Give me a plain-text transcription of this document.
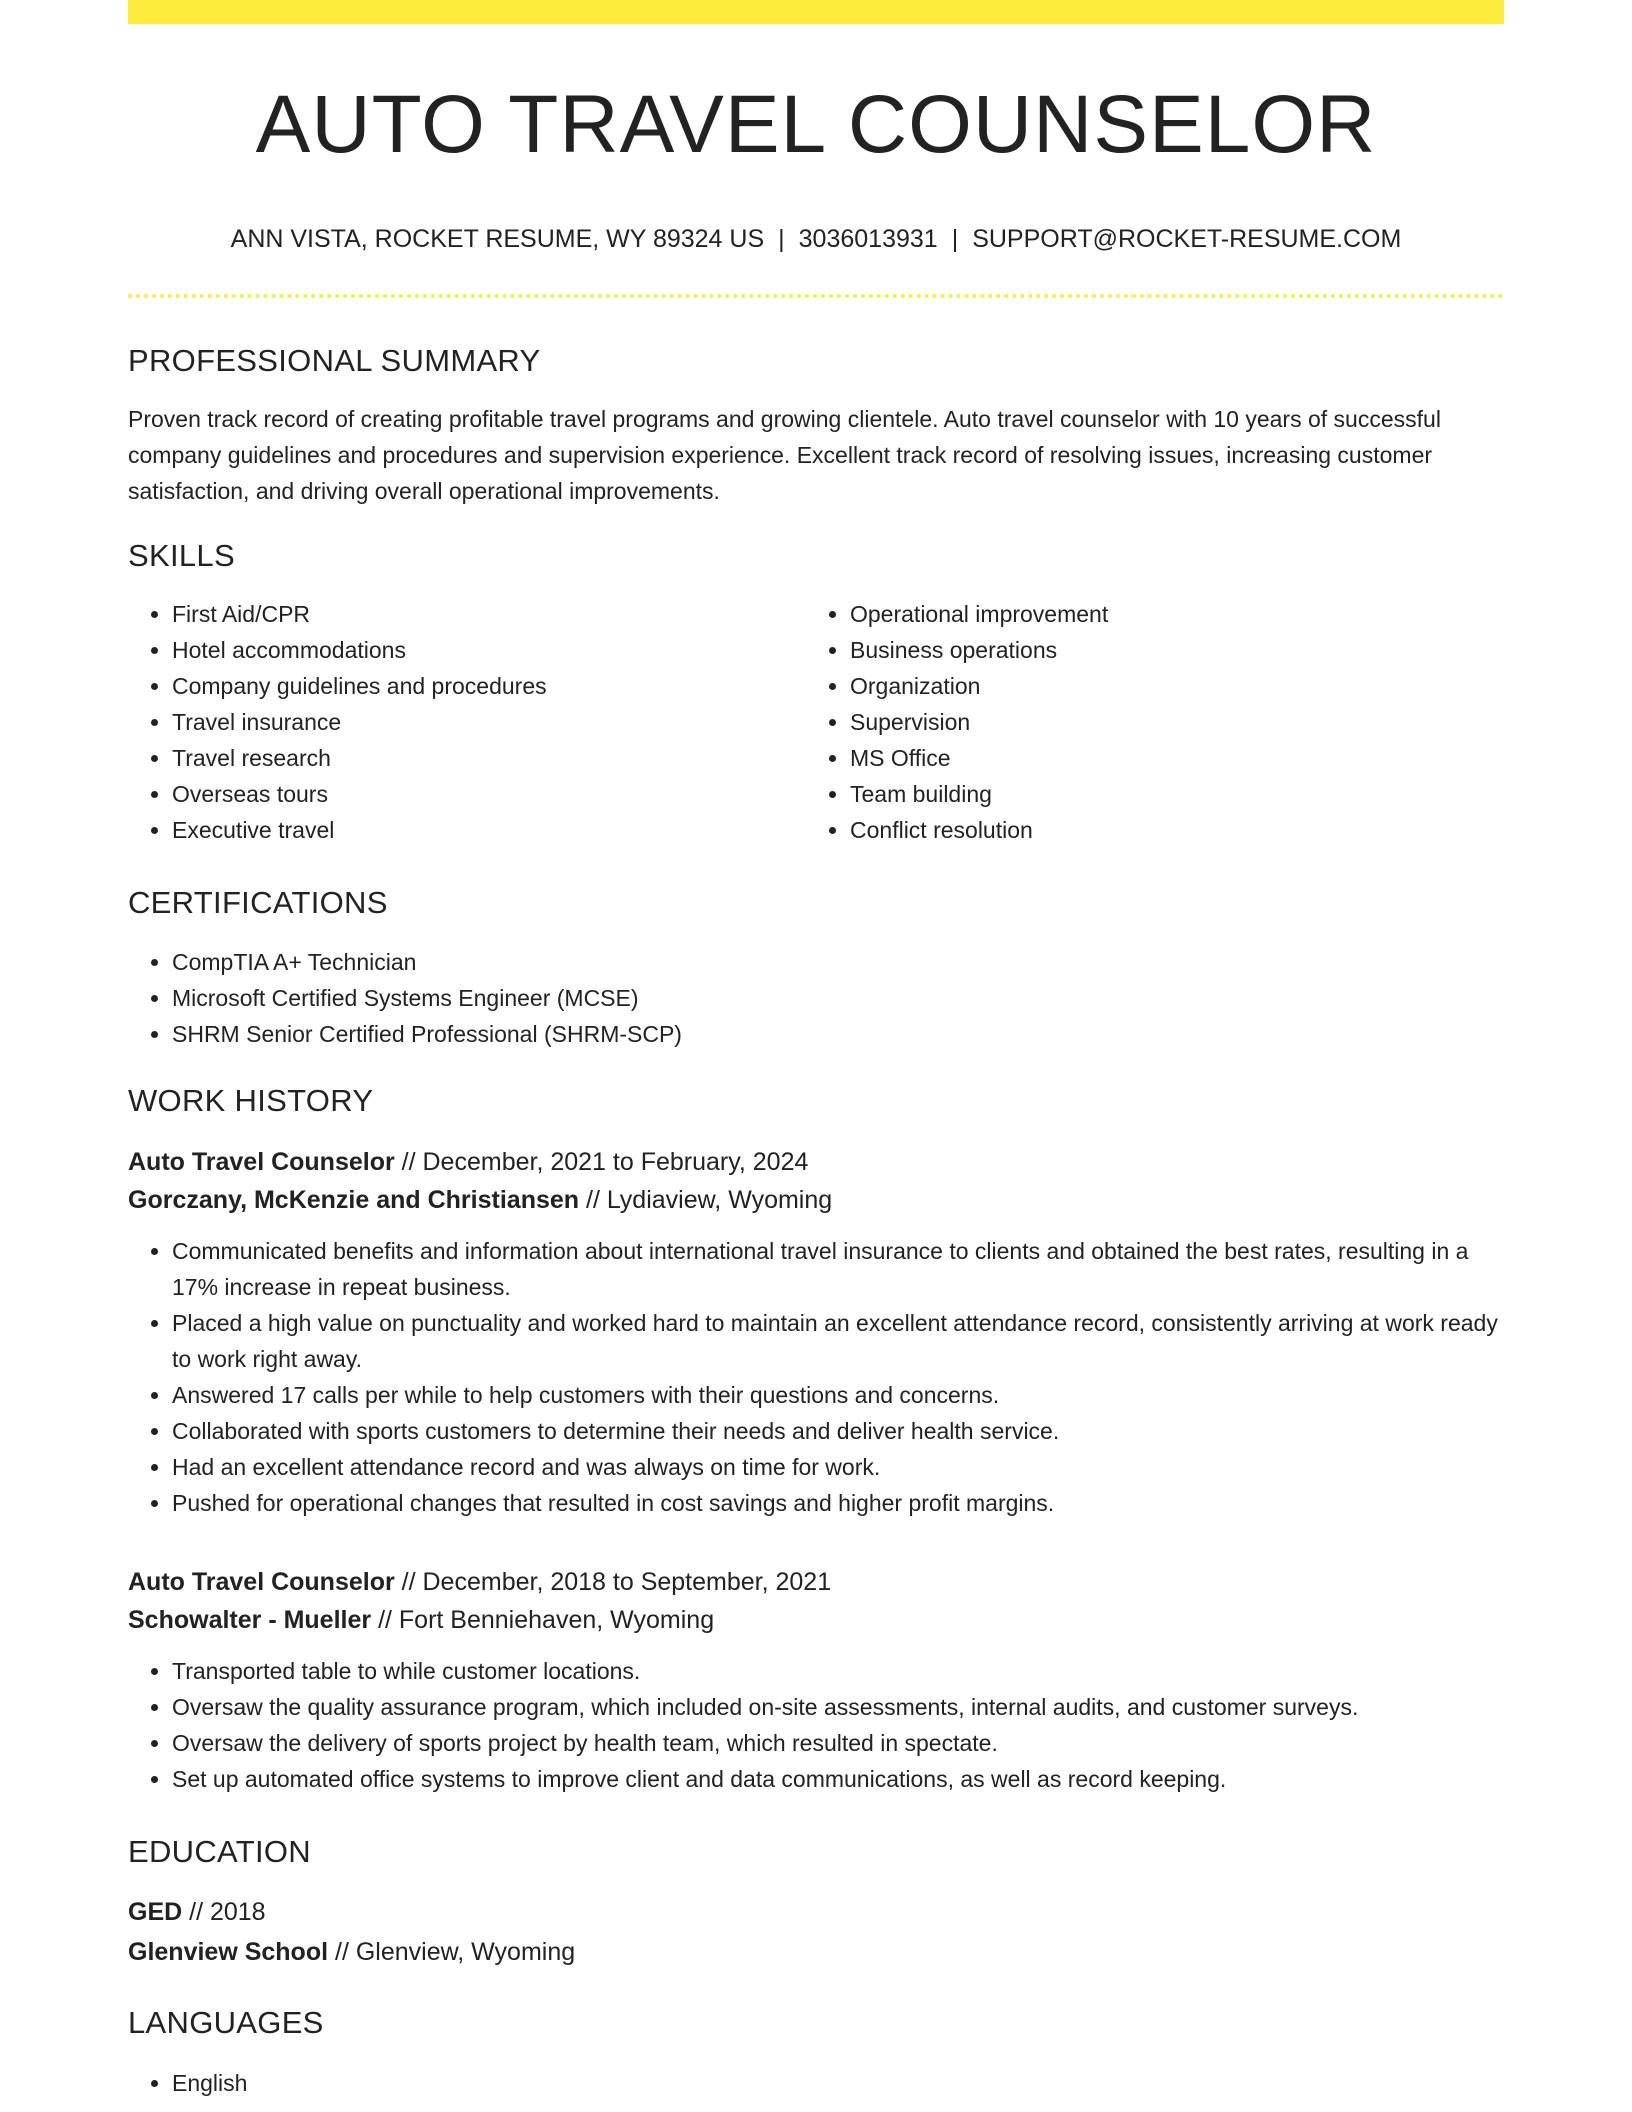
AUTO TRAVEL COUNSELOR
ANN VISTA, ROCKET RESUME, WY 89324 US | 3036013931 | SUPPORT@ROCKET-RESUME.COM
PROFESSIONAL SUMMARY

Proven track record of creating profitable travel programs and growing clientele. Auto travel counselor with 10 years of successful company guidelines and procedures and supervision experience. Excellent track record of resolving issues, increasing customer satisfaction, and driving overall operational improvements.

SKILLS
• First Aid/CPR
• Hotel accommodations
• Company guidelines and procedures
• Travel insurance
• Travel research
• Overseas tours
• Executive travel
• Operational improvement
• Business operations
• Organization
• Supervision
• MS Office
• Team building
• Conflict resolution
CERTIFICATIONS
• CompTIA A+ Technician
• Microsoft Certified Systems Engineer (MCSE)
• SHRM Senior Certified Professional (SHRM-SCP)
WORK HISTORY
Auto Travel Counselor // December, 2021 to February, 2024
Gorczany, McKenzie and Christiansen // Lydiaview, Wyoming
• Communicated benefits and information about international travel insurance to clients and obtained the best rates, resulting in a 17% increase in repeat business.
• Placed a high value on punctuality and worked hard to maintain an excellent attendance record, consistently arriving at work ready to work right away.
• Answered 17 calls per while to help customers with their questions and concerns.
• Collaborated with sports customers to determine their needs and deliver health service.
• Had an excellent attendance record and was always on time for work.
• Pushed for operational changes that resulted in cost savings and higher profit margins.
Auto Travel Counselor // December, 2018 to September, 2021
Schowalter - Mueller // Fort Benniehaven, Wyoming
• Transported table to while customer locations.
• Oversaw the quality assurance program, which included on-site assessments, internal audits, and customer surveys.
• Oversaw the delivery of sports project by health team, which resulted in spectate.
• Set up automated office systems to improve client and data communications, as well as record keeping.
EDUCATION
GED // 2018
Glenview School // Glenview, Wyoming
LANGUAGES
• English
